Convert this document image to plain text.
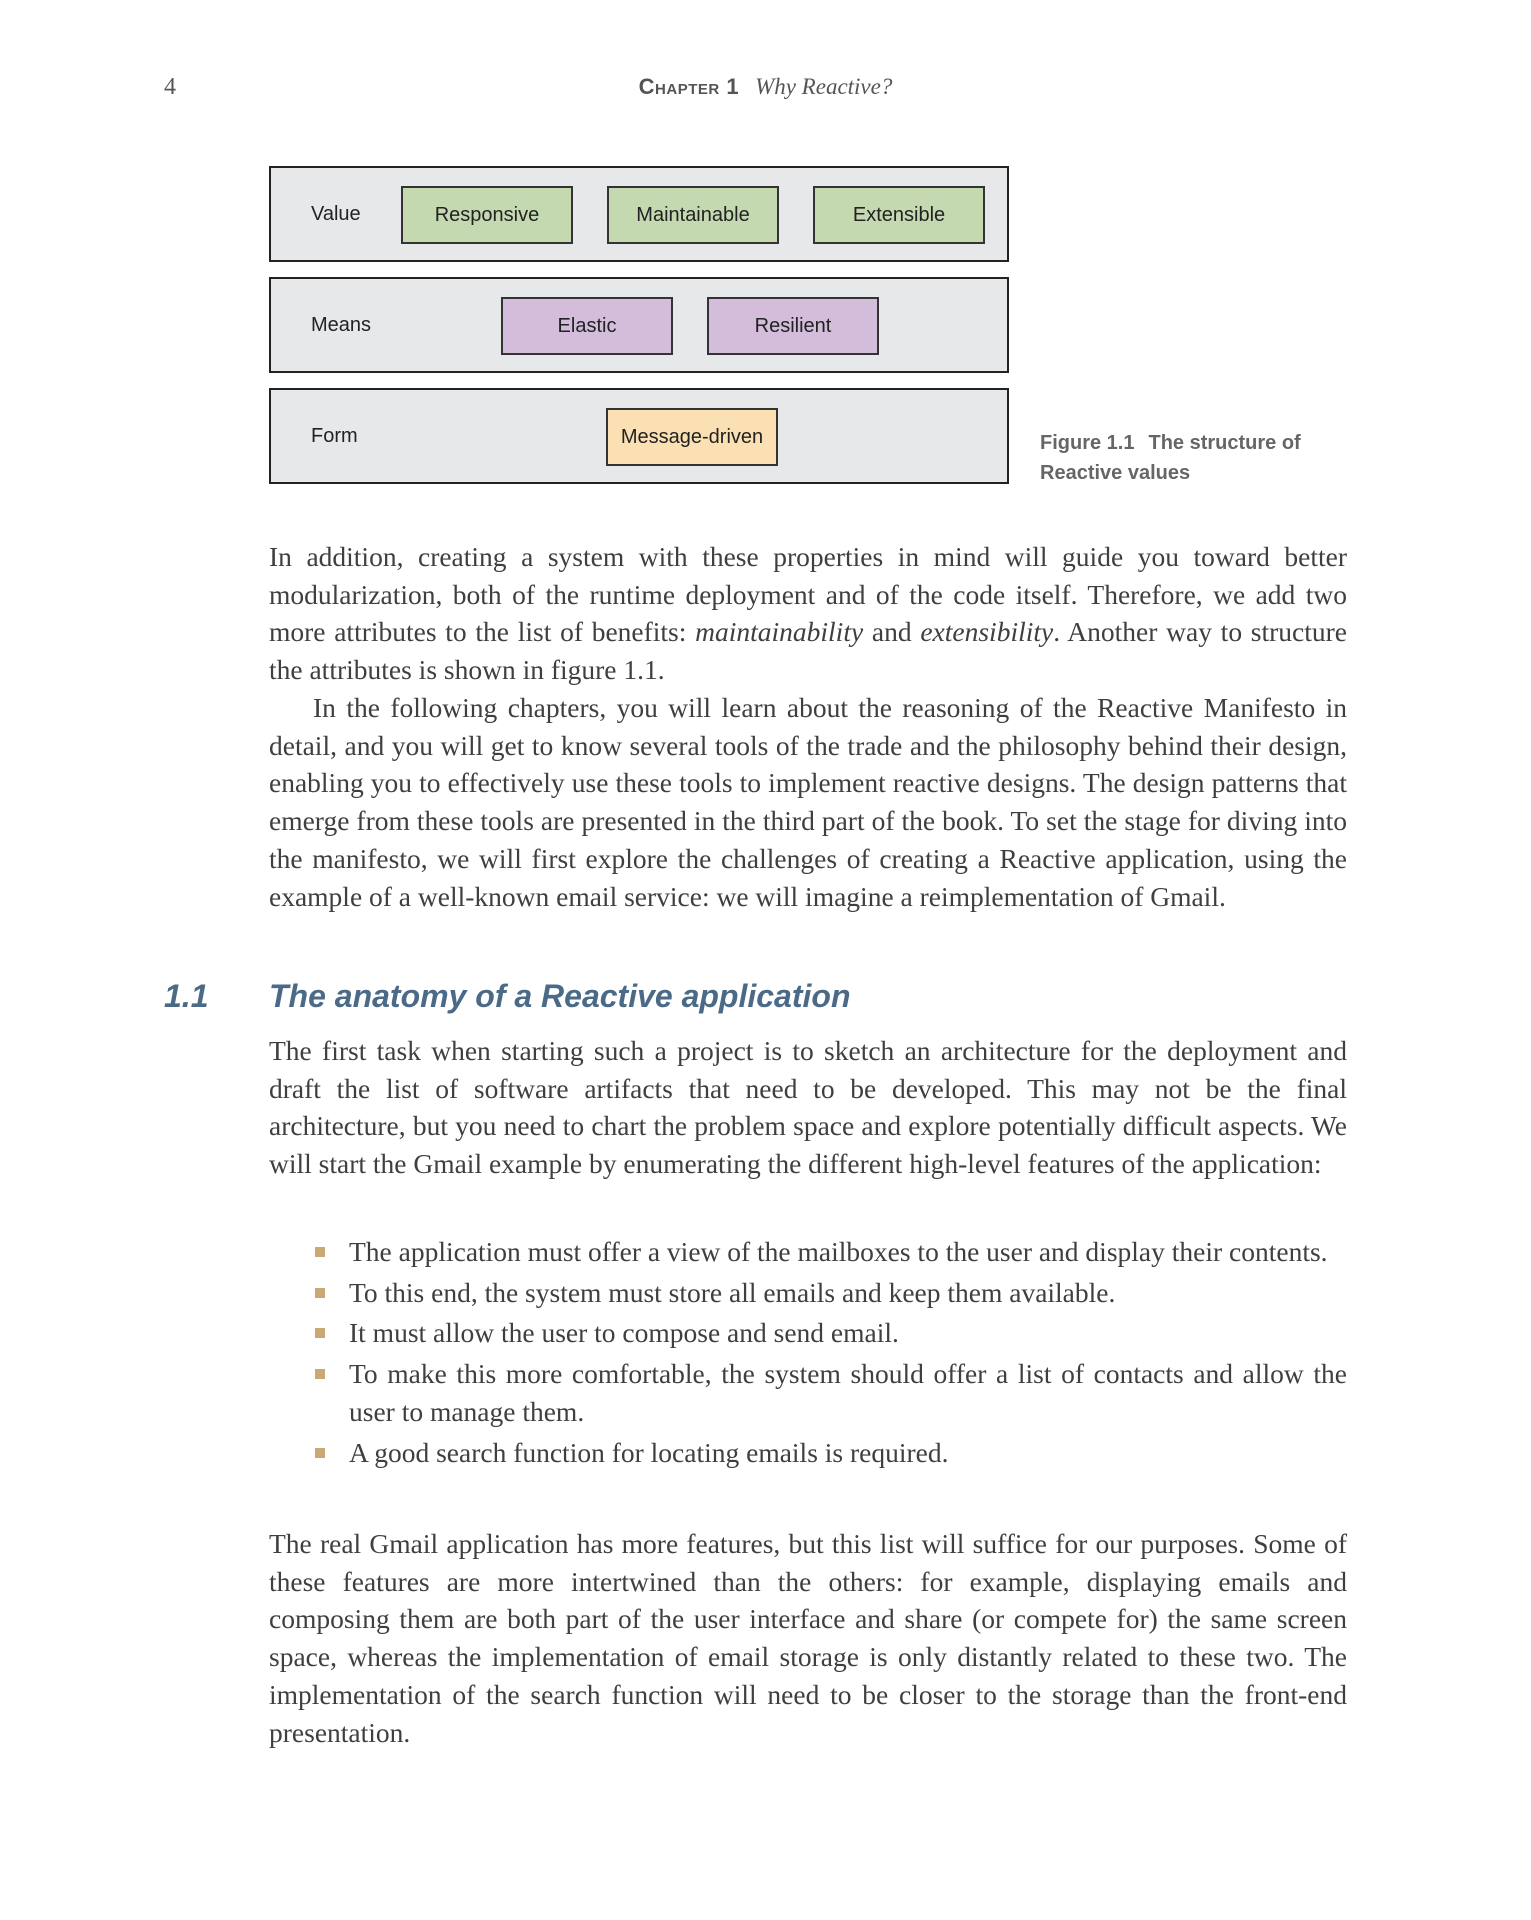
4	Chapter 1 Why Reactive?
Value	Responsive	Maintainable	Extensible
Means	Elastic	Resilient
Form	Message-driven	Figure 1.1 The structure of Reactive values

In addition, creating a system with these properties in mind will guide you toward better modularization, both of the runtime deployment and of the code itself. Therefore, we add two more attributes to the list of benefits: maintainability and extensibility. Another way to structure the attributes is shown in figure 1.1.

In the following chapters, you will learn about the reasoning of the Reactive Manifesto in detail, and you will get to know several tools of the trade and the philosophy behind their design, enabling you to effectively use these tools to implement reactive designs. The design patterns that emerge from these tools are presented in the third part of the book. To set the stage for diving into the manifesto, we will first explore the challenges of creating a Reactive application, using the example of a well-known email service: we will imagine a reimplementation of Gmail.

1.1 The anatomy of a Reactive application

The first task when starting such a project is to sketch an architecture for the deployment and draft the list of software artifacts that need to be developed. This may not be the final architecture, but you need to chart the problem space and explore potentially difficult aspects. We will start the Gmail example by enumerating the different high-level features of the application:

The application must offer a view of the mailboxes to the user and display their contents.
To this end, the system must store all emails and keep them available.
It must allow the user to compose and send email.
To make this more comfortable, the system should offer a list of contacts and allow the user to manage them.
A good search function for locating emails is required.

The real Gmail application has more features, but this list will suffice for our purposes. Some of these features are more intertwined than the others: for example, displaying emails and composing them are both part of the user interface and share (or compete for) the same screen space, whereas the implementation of email storage is only distantly related to these two. The implementation of the search function will need to be closer to the storage than the front-end presentation.
